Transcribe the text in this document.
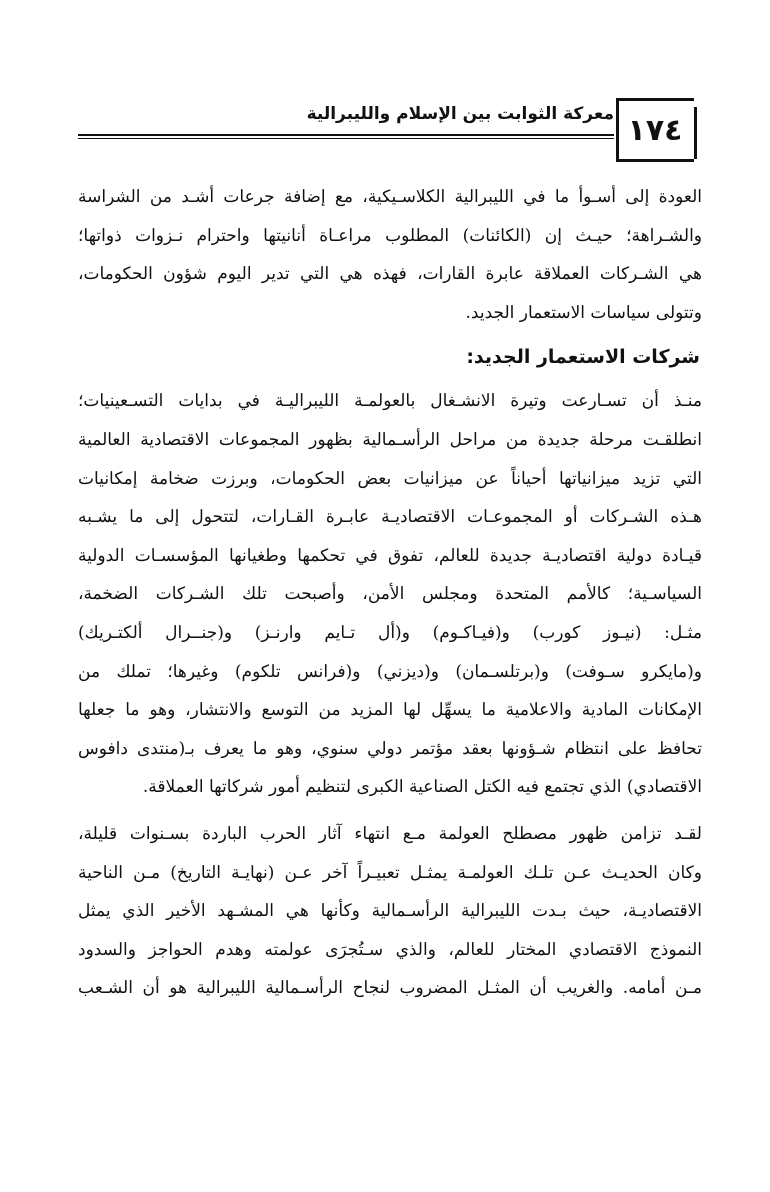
معركة الثوابت بين الإسلام والليبرالية ١٧٤
العودة إلى أسـوأ ما في الليبرالية الكلاسـيكية، مع إضافة جرعات أشـد من الشراسة
والشـراهة؛ حيـث إن (الكائنات) المطلوب مراعـاة أنانيتها واحترام نـزوات ذواتها؛
هي الشـركات العملاقة عابرة القارات، فهذه هي التي تدير اليوم شؤون الحكومات،
وتتولى سياسات الاستعمار الجديد.
شركات الاستعمار الجديد:
منـذ أن تسـارعت وتيرة الانشـغال بالعولمـة الليبراليـة في بدايات التسـعينيات؛
انطلقـت مرحلة جديدة من مراحل الرأسـمالية بظهور المجموعات الاقتصادية العالمية
التي تزيد ميزانياتها أحياناً عن ميزانيات بعض الحكومات، وبرزت ضخامة إمكانيات
هـذه الشـركات أو المجموعـات الاقتصاديـة عابـرة القـارات، لتتحول إلى ما يشـبه
قيـادة دولية اقتصاديـة جديدة للعالم، تفوق في تحكمها وطغيانها المؤسسـات الدولية
السياسـية؛ كالأمم المتحدة ومجلس الأمن، وأصبحت تلك الشـركات الضخمة،
مثـل: (نيـوز كورب) و(فيـاكـوم) و(أل تـايم وارنـز) و(جنــرال ألكتـريك)
و(مايكرو سـوفت) و(برتلسـمان) و(ديزني) و(فرانس تلكوم) وغيرها؛ تملك من
الإمكانات المادية والاعلامية ما يسهِّل لها المزيد من التوسع والانتشار، وهو ما جعلها
تحافظ على انتظام شـؤونها بعقد مؤتمر دولي سنوي، وهو ما يعرف بـ(منتدى دافوس
الاقتصادي) الذي تجتمع فيه الكتل الصناعية الكبرى لتنظيم أمور شركاتها العملاقة.
لقـد تزامن ظهور مصطلح العولمة مـع انتهاء آثار الحرب الباردة بسـنوات قليلة،
وكان الحديـث عـن تلـك العولمـة يمثـل تعبيـراً آخر عـن (نهايـة التاريخ) مـن الناحية
الاقتصاديـة، حيث بـدت الليبرالية الرأسـمالية وكأنها هي المشـهد الأخير الذي يمثل
النموذج الاقتصادي المختار للعالم، والذي سـتُجرَى عولمته وهدم الحواجز والسدود
مـن أمامه. والغريب أن المثـل المضروب لنجاح الرأسـمالية الليبرالية هو أن الشـعب
